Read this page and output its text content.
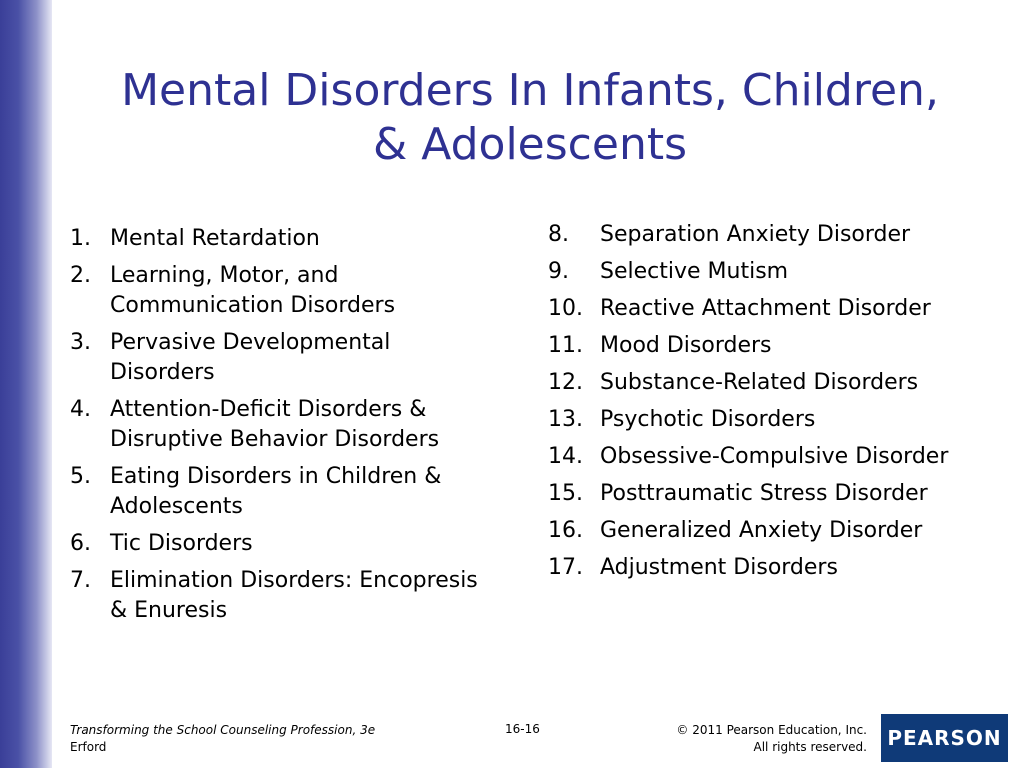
Mental Disorders In Infants, Children,
& Adolescents
1. Mental Retardation
2. Learning, Motor, and Communication Disorders
3. Pervasive Developmental Disorders
4. Attention-Deficit Disorders & Disruptive Behavior Disorders
5. Eating Disorders in Children & Adolescents
6. Tic Disorders
7. Elimination Disorders: Encopresis & Enuresis
8. Separation Anxiety Disorder
9. Selective Mutism
10. Reactive Attachment Disorder
11. Mood Disorders
12. Substance-Related Disorders
13. Psychotic Disorders
14. Obsessive-Compulsive Disorder
15. Posttraumatic Stress Disorder
16. Generalized Anxiety Disorder
17. Adjustment Disorders
Transforming the School Counseling Profession, 3e
Erford
16-16	© 2011 Pearson Education, Inc.
All rights reserved. PEARSON
